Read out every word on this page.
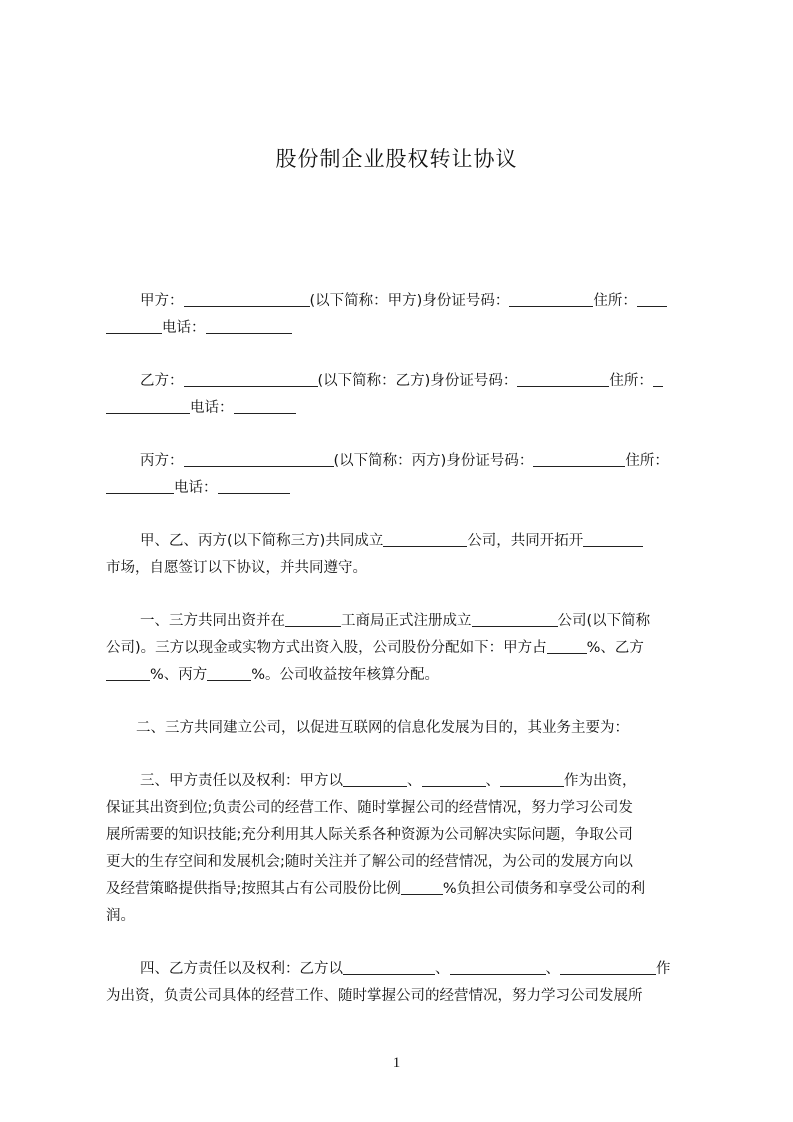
股份制企业股权转让协议
甲方：	(以下简称：甲方)身份证号码：	住所：
电话：
乙方：	(以下简称：乙方)身份证号码：	住所：
电话：
丙方：	(以下简称：丙方)身份证号码：	住所：
电话：
甲、乙、丙方(以下简称三方)共同成立	公司，共同开拓开
市场，自愿签订以下协议，并共同遵守。
一、三方共同出资并在	工商局正式注册成立	公司(以下简称
公司)。三方以现金或实物方式出资入股，公司股份分配如下：甲方占	%、乙方
%、丙方	%。公司收益按年核算分配。
二、三方共同建立公司，以促进互联网的信息化发展为目的，其业务主要为：
三、甲方责任以及权利：甲方以	、	、	作为出资，
保证其出资到位;负责公司的经营工作、随时掌握公司的经营情况，努力学习公司发
展所需要的知识技能;充分利用其人际关系各种资源为公司解决实际问题，争取公司
更大的生存空间和发展机会;随时关注并了解公司的经营情况，为公司的发展方向以
及经营策略提供指导;按照其占有公司股份比例	%负担公司债务和享受公司的利
润。
四、乙方责任以及权利：乙方以	、	、	作
为出资，负责公司具体的经营工作、随时掌握公司的经营情况，努力学习公司发展所
1
